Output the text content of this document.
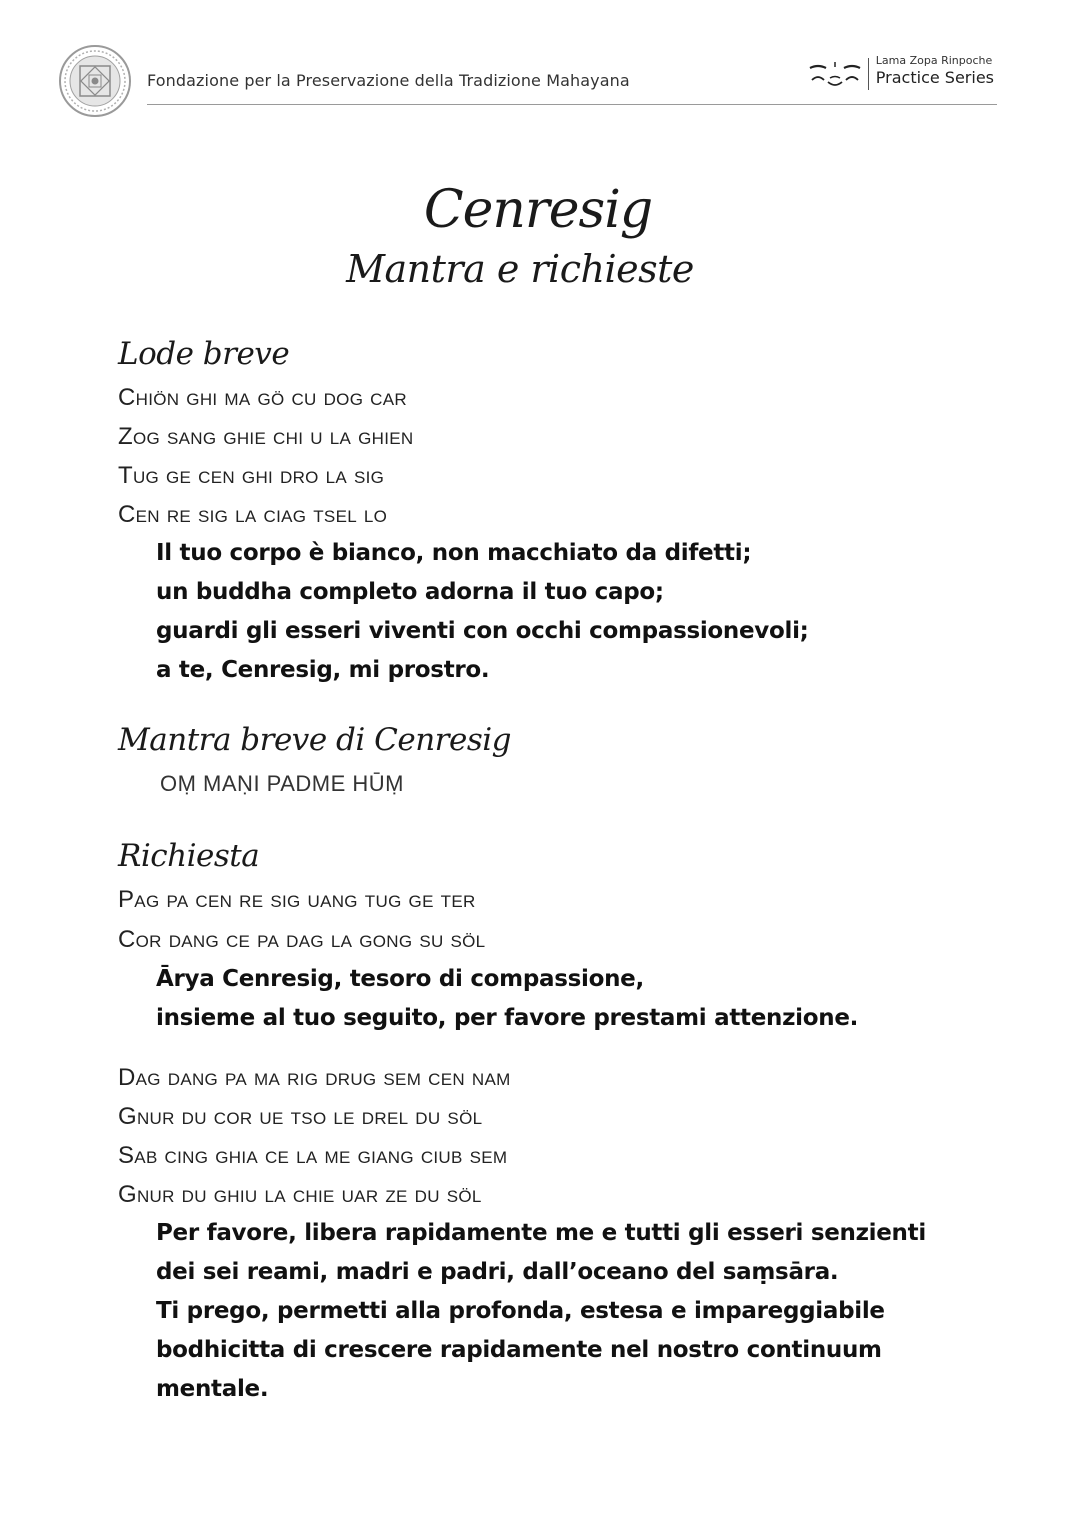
Fondazione per la Preservazione della Tradizione Mahayana
Lama Zopa Rinpoche
Practice Series
Cenresig
Mantra e richieste
Lode breve
Chiön ghi ma gö cu dog car
Zog sang ghie chi u la ghien
Tug ge cen ghi dro la sig
Cen re sig la ciag tsel lo
Il tuo corpo è bianco, non macchiato da difetti;
un buddha completo adorna il tuo capo;
guardi gli esseri viventi con occhi compassionevoli;
a te, Cenresig, mi prostro.
Mantra breve di Cenresig
OṂ MAṆI PADME HŪṂ
Richiesta
Pag pa cen re sig uang tug ge ter
Cor dang ce pa dag la gong su söl
Ārya Cenresig, tesoro di compassione,
insieme al tuo seguito, per favore prestami attenzione.
Dag dang pa ma rig drug sem cen nam
Gnur du cor ue tso le drel du söl
Sab cing ghia ce la me giang ciub sem
Gnur du ghiu la chie uar ze du söl
Per favore, libera rapidamente me e tutti gli esseri senzienti
dei sei reami, madri e padri, dall’oceano del saṃsāra.
Ti prego, permetti alla profonda, estesa e impareggiabile
bodhicitta di crescere rapidamente nel nostro continuum
mentale.
